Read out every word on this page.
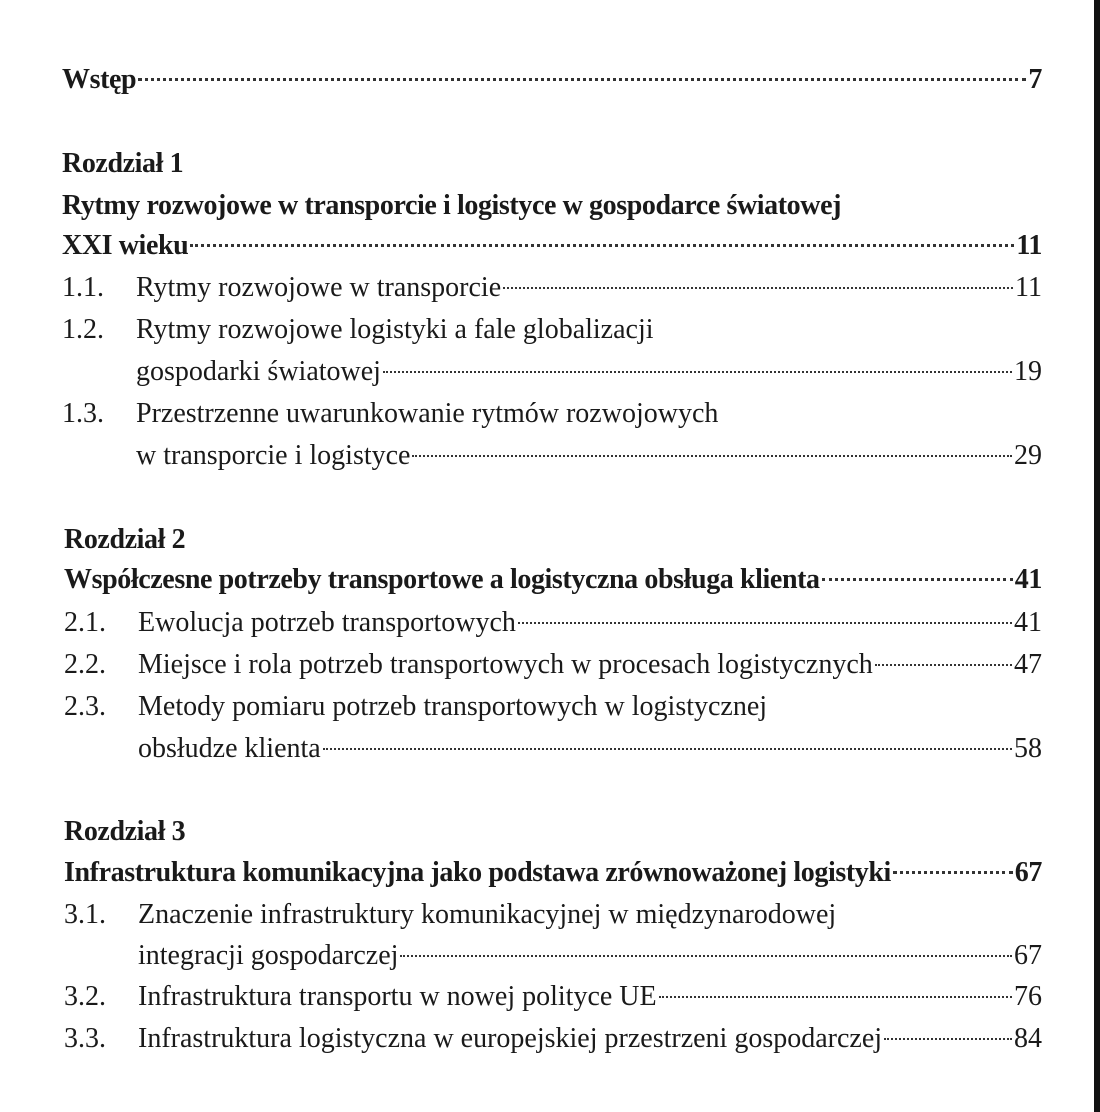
Wstęp	7
Rozdział 1
Rytmy rozwojowe w transporcie i logistyce w gospodarce światowej
XXI wieku	11
1.1.	Rytmy rozwojowe w transporcie	11
1.2. Rytmy rozwojowe logistyki a fale globalizacji
gospodarki światowej	19
1.3. Przestrzenne uwarunkowanie rytmów rozwojowych
w transporcie i logistyce	29
Rozdział 2
Współczesne potrzeby transportowe a logistyczna obsługa klienta	41
2.1.	Ewolucja potrzeb transportowych	41
2.2.	Miejsce i rola potrzeb transportowych w procesach logistycznych	47
2.3. Metody pomiaru potrzeb transportowych w logistycznej
obsłudze klienta	58
Rozdział 3
Infrastruktura komunikacyjna jako podstawa zrównoważonej logistyki	67
3.1. Znaczenie infrastruktury komunikacyjnej w międzynarodowej
integracji gospodarczej	67
3.2.	Infrastruktura transportu w nowej polityce UE	76
3.3.	Infrastruktura logistyczna w europejskiej przestrzeni gospodarczej	84
